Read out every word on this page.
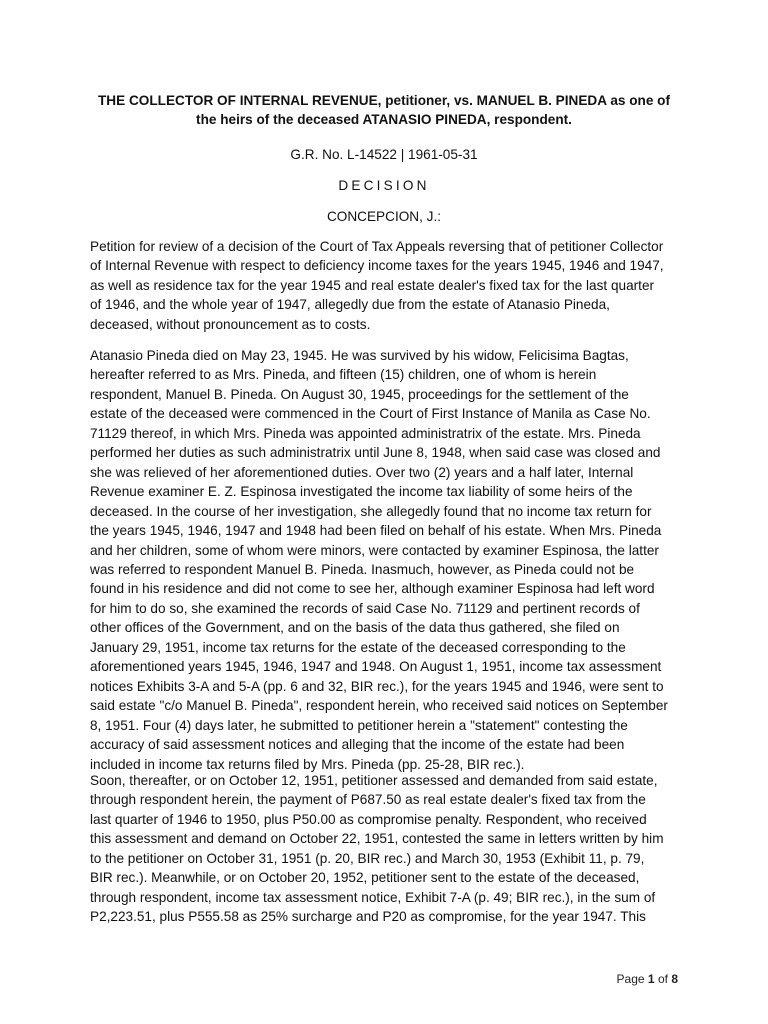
THE COLLECTOR OF INTERNAL REVENUE, petitioner, vs. MANUEL B. PINEDA as one of
the heirs of the deceased ATANASIO PINEDA, respondent.
G.R. No. L-14522 | 1961-05-31
DECISION
CONCEPCION, J.:
Petition for review of a decision of the Court of Tax Appeals reversing that of petitioner Collector
of Internal Revenue with respect to deficiency income taxes for the years 1945, 1946 and 1947,
as well as residence tax for the year 1945 and real estate dealer's fixed tax for the last quarter
of 1946, and the whole year of 1947, allegedly due from the estate of Atanasio Pineda,
deceased, without pronouncement as to costs.
Atanasio Pineda died on May 23, 1945. He was survived by his widow, Felicisima Bagtas,
hereafter referred to as Mrs. Pineda, and fifteen (15) children, one of whom is herein
respondent, Manuel B. Pineda. On August 30, 1945, proceedings for the settlement of the
estate of the deceased were commenced in the Court of First Instance of Manila as Case No.
71129 thereof, in which Mrs. Pineda was appointed administratrix of the estate. Mrs. Pineda
performed her duties as such administratrix until June 8, 1948, when said case was closed and
she was relieved of her aforementioned duties. Over two (2) years and a half later, Internal
Revenue examiner E. Z. Espinosa investigated the income tax liability of some heirs of the
deceased. In the course of her investigation, she allegedly found that no income tax return for
the years 1945, 1946, 1947 and 1948 had been filed on behalf of his estate. When Mrs. Pineda
and her children, some of whom were minors, were contacted by examiner Espinosa, the latter
was referred to respondent Manuel B. Pineda. Inasmuch, however, as Pineda could not be
found in his residence and did not come to see her, although examiner Espinosa had left word
for him to do so, she examined the records of said Case No. 71129 and pertinent records of
other offices of the Government, and on the basis of the data thus gathered, she filed on
January 29, 1951, income tax returns for the estate of the deceased corresponding to the
aforementioned years 1945, 1946, 1947 and 1948. On August 1, 1951, income tax assessment
notices Exhibits 3-A and 5-A (pp. 6 and 32, BIR rec.), for the years 1945 and 1946, were sent to
said estate "c/o Manuel B. Pineda", respondent herein, who received said notices on September
8, 1951. Four (4) days later, he submitted to petitioner herein a "statement" contesting the
accuracy of said assessment notices and alleging that the income of the estate had been
included in income tax returns filed by Mrs. Pineda (pp. 25-28, BIR rec.).
Soon, thereafter, or on October 12, 1951, petitioner assessed and demanded from said estate,
through respondent herein, the payment of P687.50 as real estate dealer's fixed tax from the
last quarter of 1946 to 1950, plus P50.00 as compromise penalty. Respondent, who received
this assessment and demand on October 22, 1951, contested the same in letters written by him
to the petitioner on October 31, 1951 (p. 20, BIR rec.) and March 30, 1953 (Exhibit 11, p. 79,
BIR rec.). Meanwhile, or on October 20, 1952, petitioner sent to the estate of the deceased,
through respondent, income tax assessment notice, Exhibit 7-A (p. 49; BIR rec.), in the sum of
P2,223.51, plus P555.58 as 25% surcharge and P20 as compromise, for the year 1947. This
Page 1 of 8
